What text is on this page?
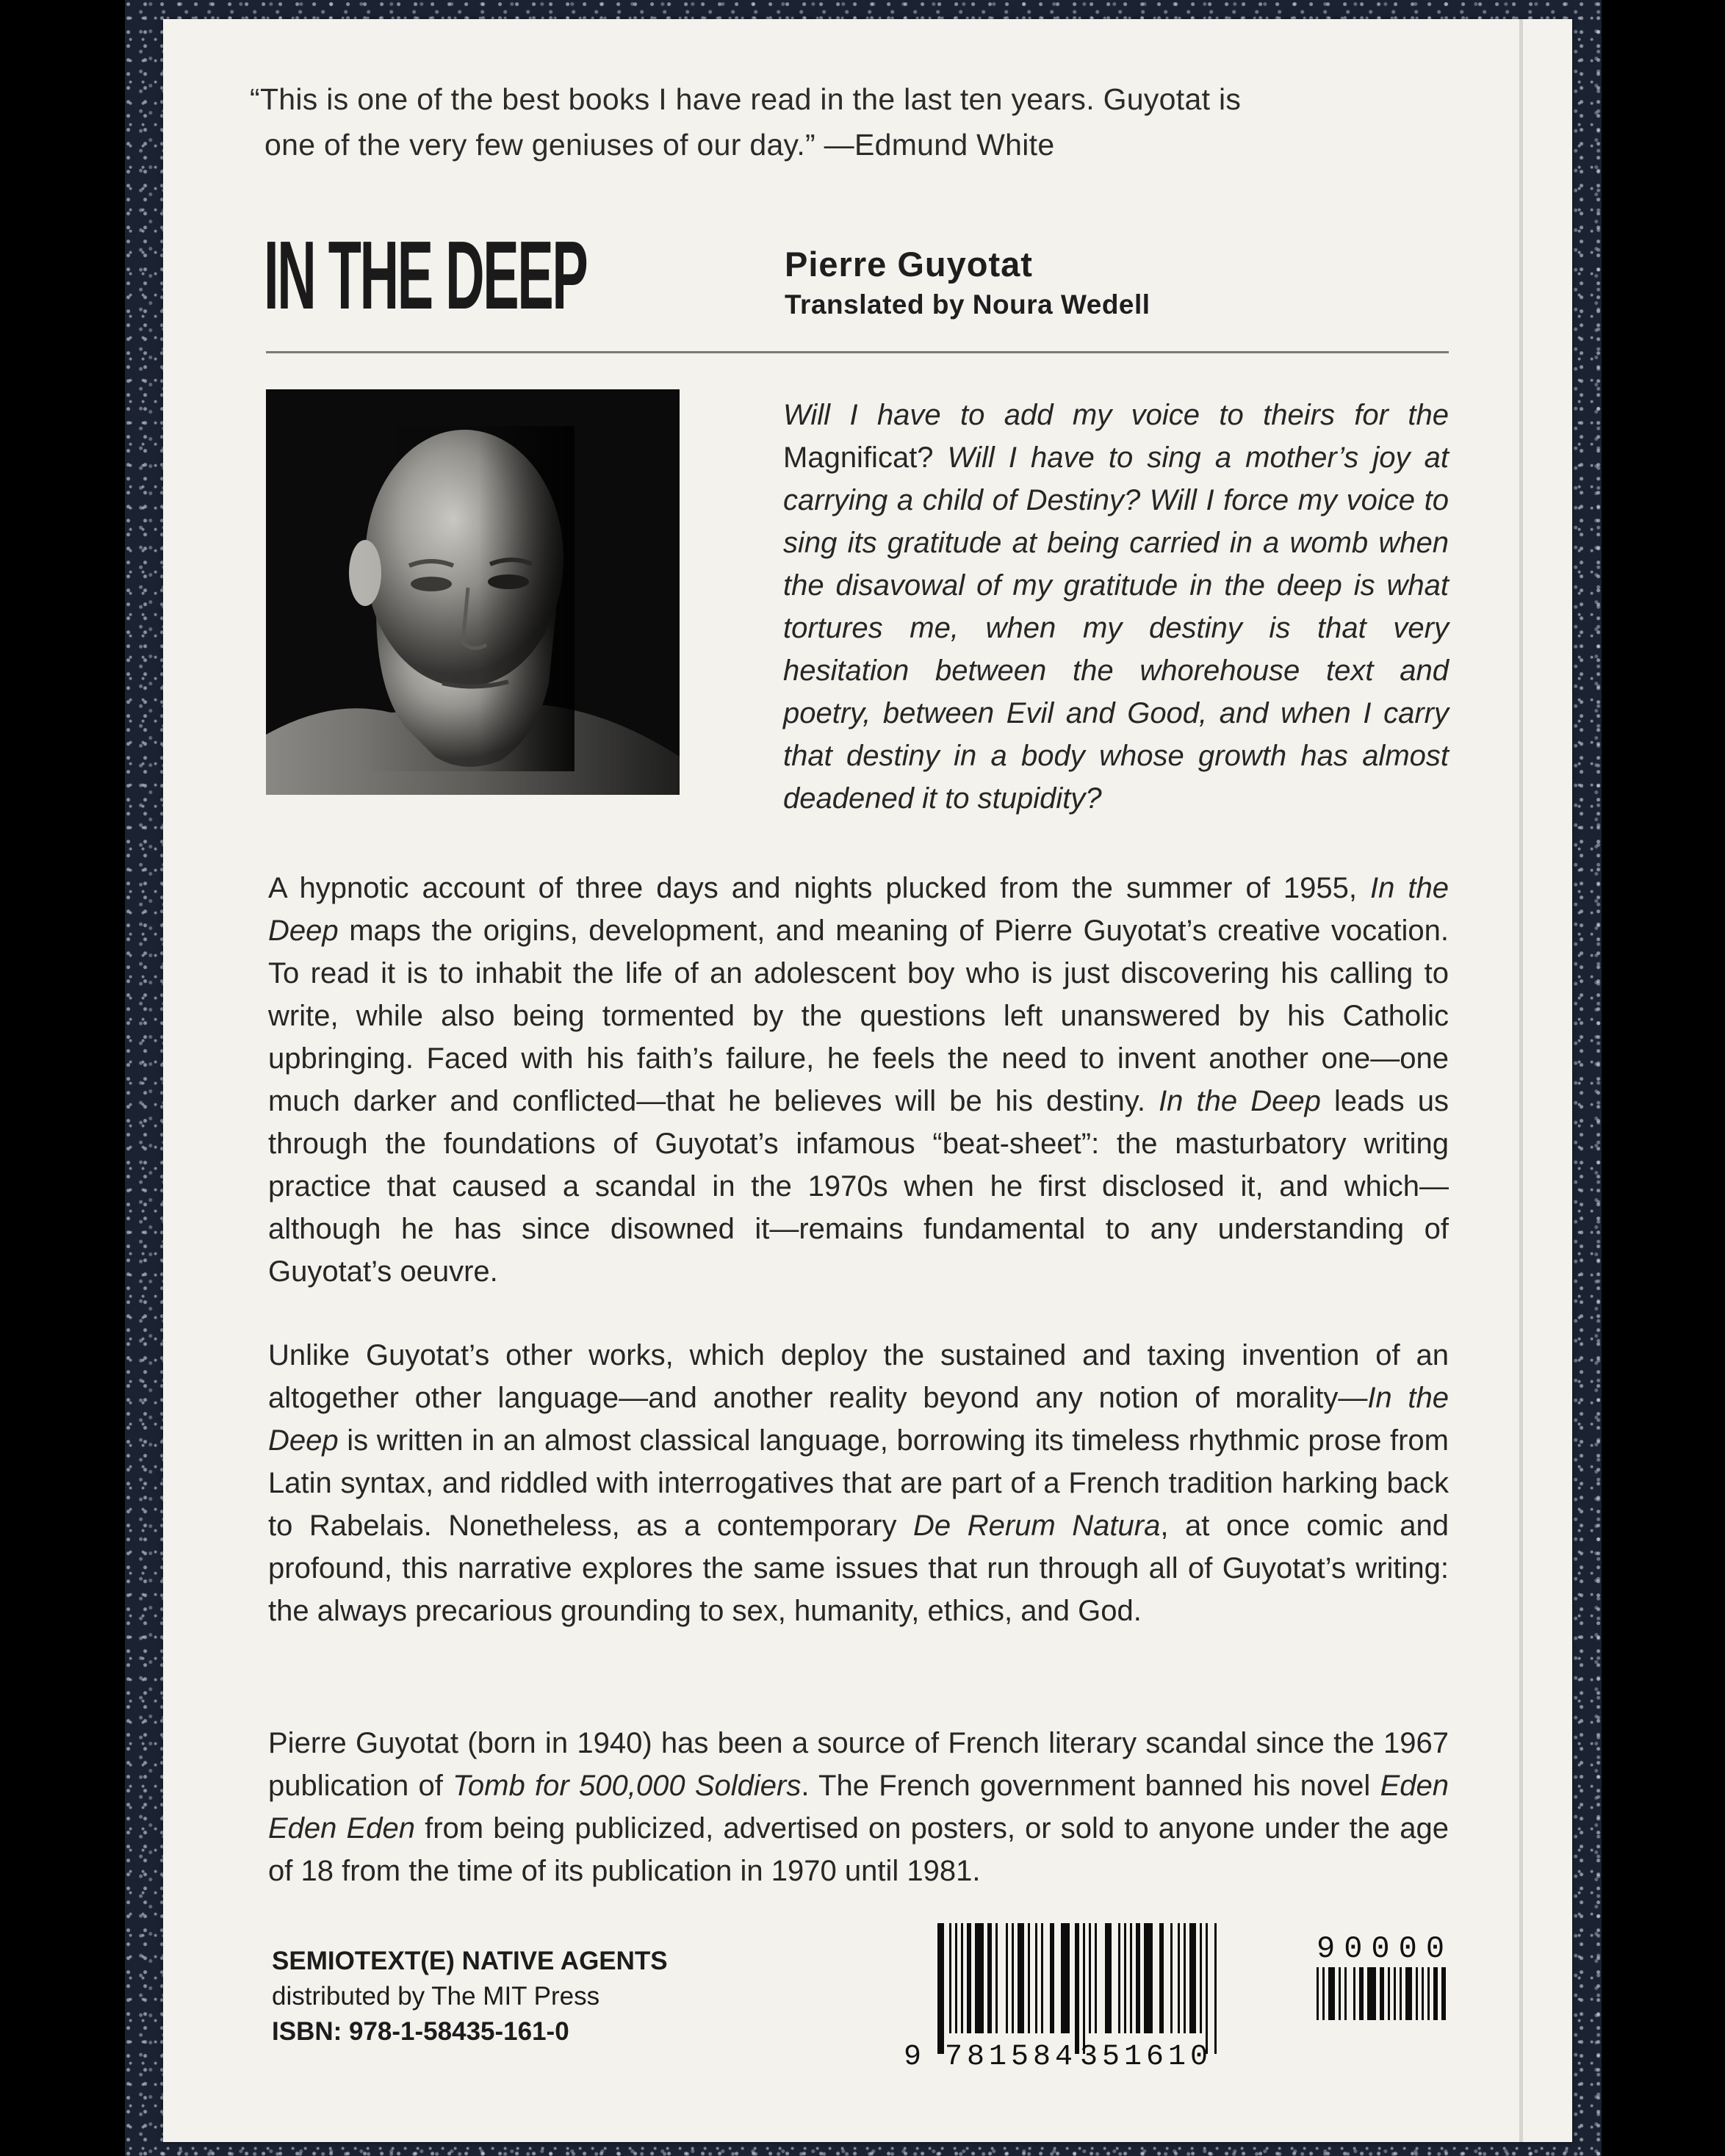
“This is one of the best books I have read in the last ten years. Guyotat is
one of the very few geniuses of our day.” —Edmund White
IN THE DEEP	Pierre Guyotat
Translated by Noura Wedell
Will I have to add my voice to theirs for the Magnificat? Will I have to sing a mother’s joy at carrying a child of Destiny? Will I force my voice to sing its gratitude at being carried in a womb when the disavowal of my gratitude in the deep is what tortures me, when my destiny is that very hesitation between the whorehouse text and poetry, between Evil and Good, and when I carry that destiny in a body whose growth has almost deadened it to stupidity?
A hypnotic account of three days and nights plucked from the summer of 1955, In the Deep maps the origins, development, and meaning of Pierre Guyotat’s creative vocation. To read it is to inhabit the life of an adolescent boy who is just discovering his calling to write, while also being tormented by the questions left unanswered by his Catholic upbringing. Faced with his faith’s failure, he feels the need to invent another one—one much darker and conflicted—that he believes will be his destiny. In the Deep leads us through the foundations of Guyotat’s infamous “beat-sheet”: the masturbatory writing practice that caused a scandal in the 1970s when he first disclosed it, and which—although he has since disowned it—remains fundamental to any understanding of Guyotat’s oeuvre.
Unlike Guyotat’s other works, which deploy the sustained and taxing invention of an altogether other language—and another reality beyond any notion of morality—In the Deep is written in an almost classical language, borrowing its timeless rhythmic prose from Latin syntax, and riddled with interrogatives that are part of a French tradition harking back to Rabelais. Nonetheless, as a contemporary De Rerum Natura, at once comic and profound, this narrative explores the same issues that run through all of Guyotat’s writing: the always precarious grounding to sex, humanity, ethics, and God.
Pierre Guyotat (born in 1940) has been a source of French literary scandal since the 1967 publication of Tomb for 500,000 Soldiers. The French government banned his novel Eden Eden Eden from being publicized, advertised on posters, or sold to anyone under the age of 18 from the time of its publication in 1970 until 1981.
SEMIOTEXT(E) NATIVE AGENTS
distributed by The MIT Press
ISBN: 978-1-58435-161-0
9 781584 351610
90000
